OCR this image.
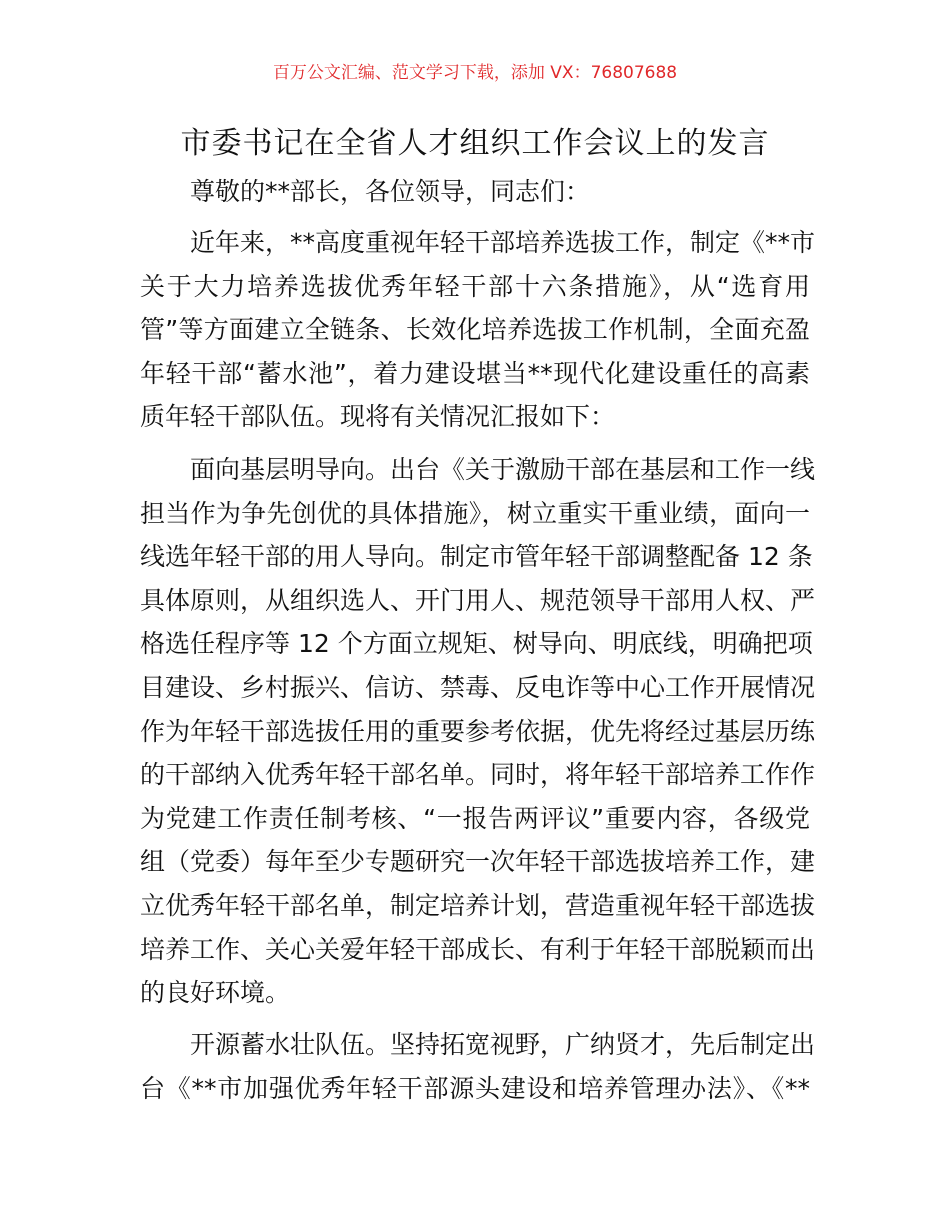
百万公文汇编、范文学习下载，添加 VX：76807688
市委书记在全省人才组织工作会议上的发言
尊敬的**部长，各位领导，同志们：
近年来，**高度重视年轻干部培养选拔工作，制定《**市
关于大力培养选拔优秀年轻干部十六条措施》，从“选育用
管”等方面建立全链条、长效化培养选拔工作机制，全面充盈
年轻干部“蓄水池”，着力建设堪当**现代化建设重任的高素
质年轻干部队伍。现将有关情况汇报如下：
面向基层明导向。出台《关于激励干部在基层和工作一线
担当作为争先创优的具体措施》，树立重实干重业绩，面向一
线选年轻干部的用人导向。制定市管年轻干部调整配备 12 条
具体原则，从组织选人、开门用人、规范领导干部用人权、严
格选任程序等 12 个方面立规矩、树导向、明底线，明确把项
目建设、乡村振兴、信访、禁毒、反电诈等中心工作开展情况
作为年轻干部选拔任用的重要参考依据，优先将经过基层历练
的干部纳入优秀年轻干部名单。同时，将年轻干部培养工作作
为党建工作责任制考核、“一报告两评议”重要内容，各级党
组（党委）每年至少专题研究一次年轻干部选拔培养工作，建
立优秀年轻干部名单，制定培养计划，营造重视年轻干部选拔
培养工作、关心关爱年轻干部成长、有利于年轻干部脱颖而出
的良好环境。
开源蓄水壮队伍。坚持拓宽视野，广纳贤才，先后制定出
台《**市加强优秀年轻干部源头建设和培养管理办法》、《**
